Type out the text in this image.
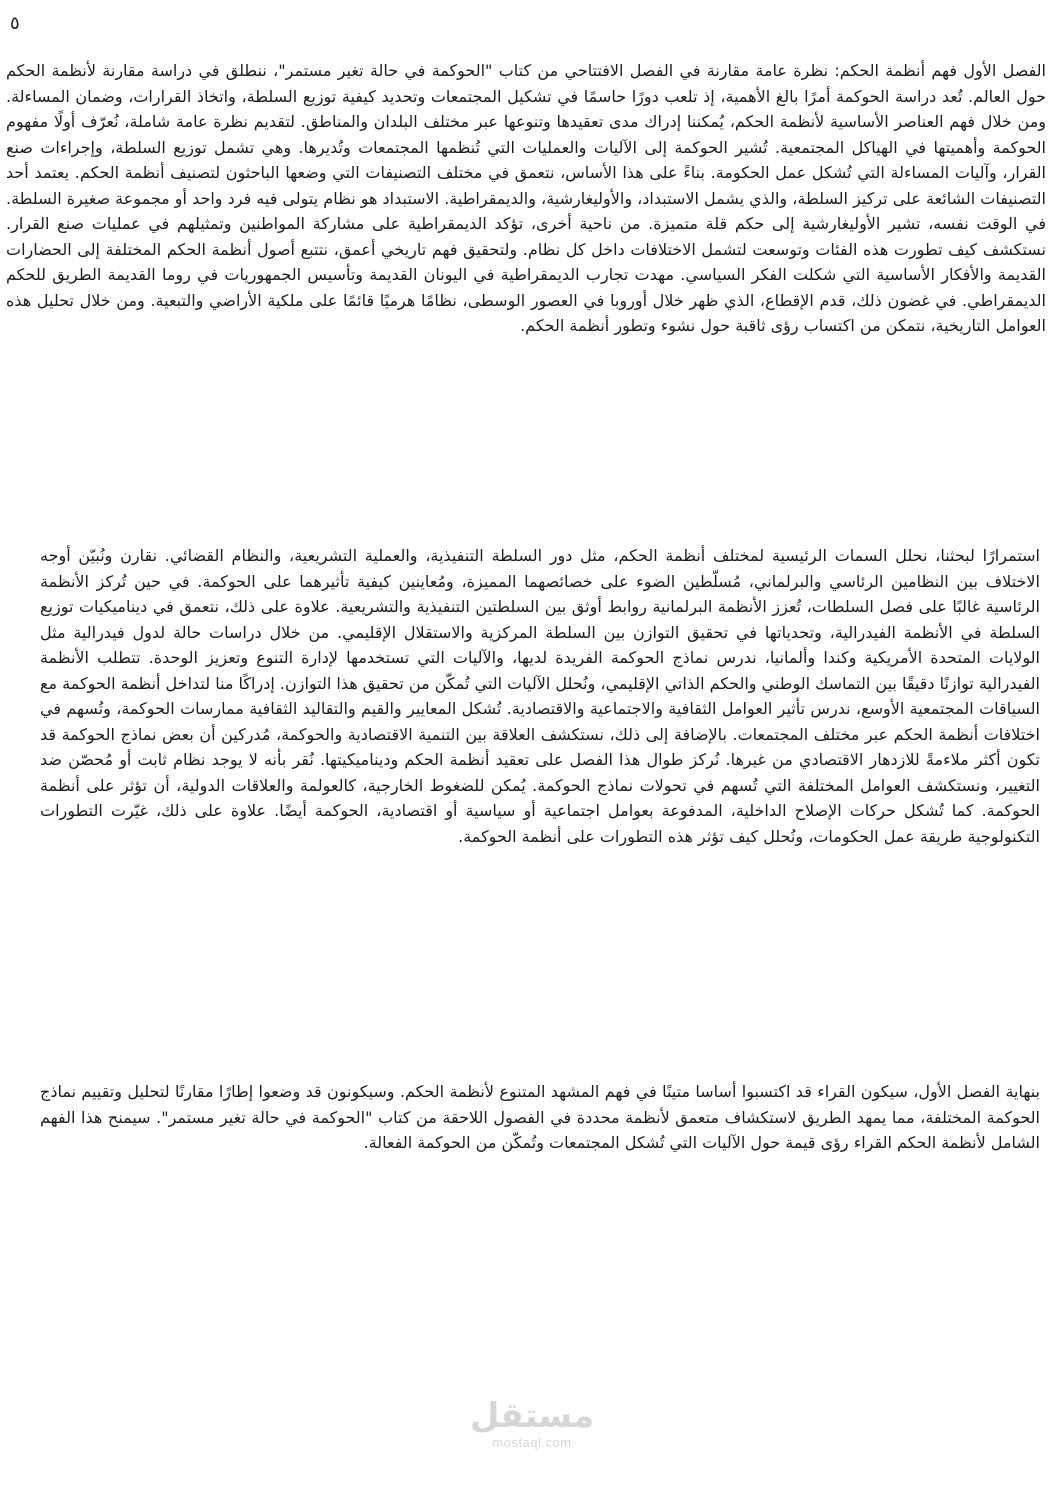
٥

الفصل الأول فهم أنظمة الحكم: نظرة عامة مقارنة في الفصل الافتتاحي من كتاب "الحوكمة في حالة تغير مستمر"، ننطلق في دراسة مقارنة لأنظمة الحكم حول العالم. تُعد دراسة الحوكمة أمرًا بالغ الأهمية، إذ تلعب دورًا حاسمًا في تشكيل المجتمعات وتحديد كيفية توزيع السلطة، واتخاذ القرارات، وضمان المساءلة. ومن خلال فهم العناصر الأساسية لأنظمة الحكم، يُمكننا إدراك مدى تعقيدها وتنوعها عبر مختلف البلدان والمناطق. لتقديم نظرة عامة شاملة، نُعرّف أولًا مفهوم الحوكمة وأهميتها في الهياكل المجتمعية. تُشير الحوكمة إلى الآليات والعمليات التي تُنظمها المجتمعات وتُديرها. وهي تشمل توزيع السلطة، وإجراءات صنع القرار، وآليات المساءلة التي تُشكل عمل الحكومة. بناءً على هذا الأساس، نتعمق في مختلف التصنيفات التي وضعها الباحثون لتصنيف أنظمة الحكم. يعتمد أحد التصنيفات الشائعة على تركيز السلطة، والذي يشمل الاستبداد، والأوليغارشية، والديمقراطية. الاستبداد هو نظام يتولى فيه فرد واحد أو مجموعة صغيرة السلطة. في الوقت نفسه، تشير الأوليغارشية إلى حكم قلة متميزة. من ناحية أخرى، تؤكد الديمقراطية على مشاركة المواطنين وتمثيلهم في عمليات صنع القرار. نستكشف كيف تطورت هذه الفئات وتوسعت لتشمل الاختلافات داخل كل نظام. ولتحقيق فهم تاريخي أعمق، نتتبع أصول أنظمة الحكم المختلفة إلى الحضارات القديمة والأفكار الأساسية التي شكلت الفكر السياسي. مهدت تجارب الديمقراطية في اليونان القديمة وتأسيس الجمهوريات في روما القديمة الطريق للحكم الديمقراطي. في غضون ذلك، قدم الإقطاع، الذي ظهر خلال أوروبا في العصور الوسطى، نظامًا هرميًا قائمًا على ملكية الأراضي والتبعية. ومن خلال تحليل هذه العوامل التاريخية، نتمكن من اكتساب رؤى ثاقبة حول نشوء وتطور أنظمة الحكم.

استمرارًا لبحثنا، نحلل السمات الرئيسية لمختلف أنظمة الحكم، مثل دور السلطة التنفيذية، والعملية التشريعية، والنظام القضائي. نقارن ونُبيّن أوجه الاختلاف بين النظامين الرئاسي والبرلماني، مُسلّطين الضوء على خصائصهما المميزة، ومُعاينين كيفية تأثيرهما على الحوكمة. في حين تُركز الأنظمة الرئاسية غالبًا على فصل السلطات، تُعزز الأنظمة البرلمانية روابط أوثق بين السلطتين التنفيذية والتشريعية. علاوة على ذلك، نتعمق في ديناميكيات توزيع السلطة في الأنظمة الفيدرالية، وتحدياتها في تحقيق التوازن بين السلطة المركزية والاستقلال الإقليمي. من خلال دراسات حالة لدول فيدرالية مثل الولايات المتحدة الأمريكية وكندا وألمانيا، ندرس نماذج الحوكمة الفريدة لديها، والآليات التي تستخدمها لإدارة التنوع وتعزيز الوحدة. تتطلب الأنظمة الفيدرالية توازنًا دقيقًا بين التماسك الوطني والحكم الذاتي الإقليمي، ونُحلل الآليات التي تُمكّن من تحقيق هذا التوازن. إدراكًا منا لتداخل أنظمة الحوكمة مع السياقات المجتمعية الأوسع، ندرس تأثير العوامل الثقافية والاجتماعية والاقتصادية. تُشكل المعايير والقيم والتقاليد الثقافية ممارسات الحوكمة، وتُسهم في اختلافات أنظمة الحكم عبر مختلف المجتمعات. بالإضافة إلى ذلك، نستكشف العلاقة بين التنمية الاقتصادية والحوكمة، مُدركين أن بعض نماذج الحوكمة قد تكون أكثر ملاءمةً للازدهار الاقتصادي من غيرها. نُركز طوال هذا الفصل على تعقيد أنظمة الحكم وديناميكيتها. نُقر بأنه لا يوجد نظام ثابت أو مُحصّن ضد التغيير، ونستكشف العوامل المختلفة التي تُسهم في تحولات نماذج الحوكمة. يُمكن للضغوط الخارجية، كالعولمة والعلاقات الدولية، أن تؤثر على أنظمة الحوكمة. كما تُشكل حركات الإصلاح الداخلية، المدفوعة بعوامل اجتماعية أو سياسية أو اقتصادية، الحوكمة أيضًا. علاوة على ذلك، غيّرت التطورات التكنولوجية طريقة عمل الحكومات، ونُحلل كيف تؤثر هذه التطورات على أنظمة الحوكمة.

بنهاية الفصل الأول، سيكون القراء قد اكتسبوا أساسا متينًا في فهم المشهد المتنوع لأنظمة الحكم. وسيكونون قد وضعوا إطارًا مقارنًا لتحليل وتقييم نماذج الحوكمة المختلفة، مما يمهد الطريق لاستكشاف متعمق لأنظمة محددة في الفصول اللاحقة من كتاب "الحوكمة في حالة تغير مستمر". سيمنح هذا الفهم الشامل لأنظمة الحكم القراء رؤى قيمة حول الآليات التي تُشكل المجتمعات وتُمكّن من الحوكمة الفعالة.

مستقل
mostaql.com
